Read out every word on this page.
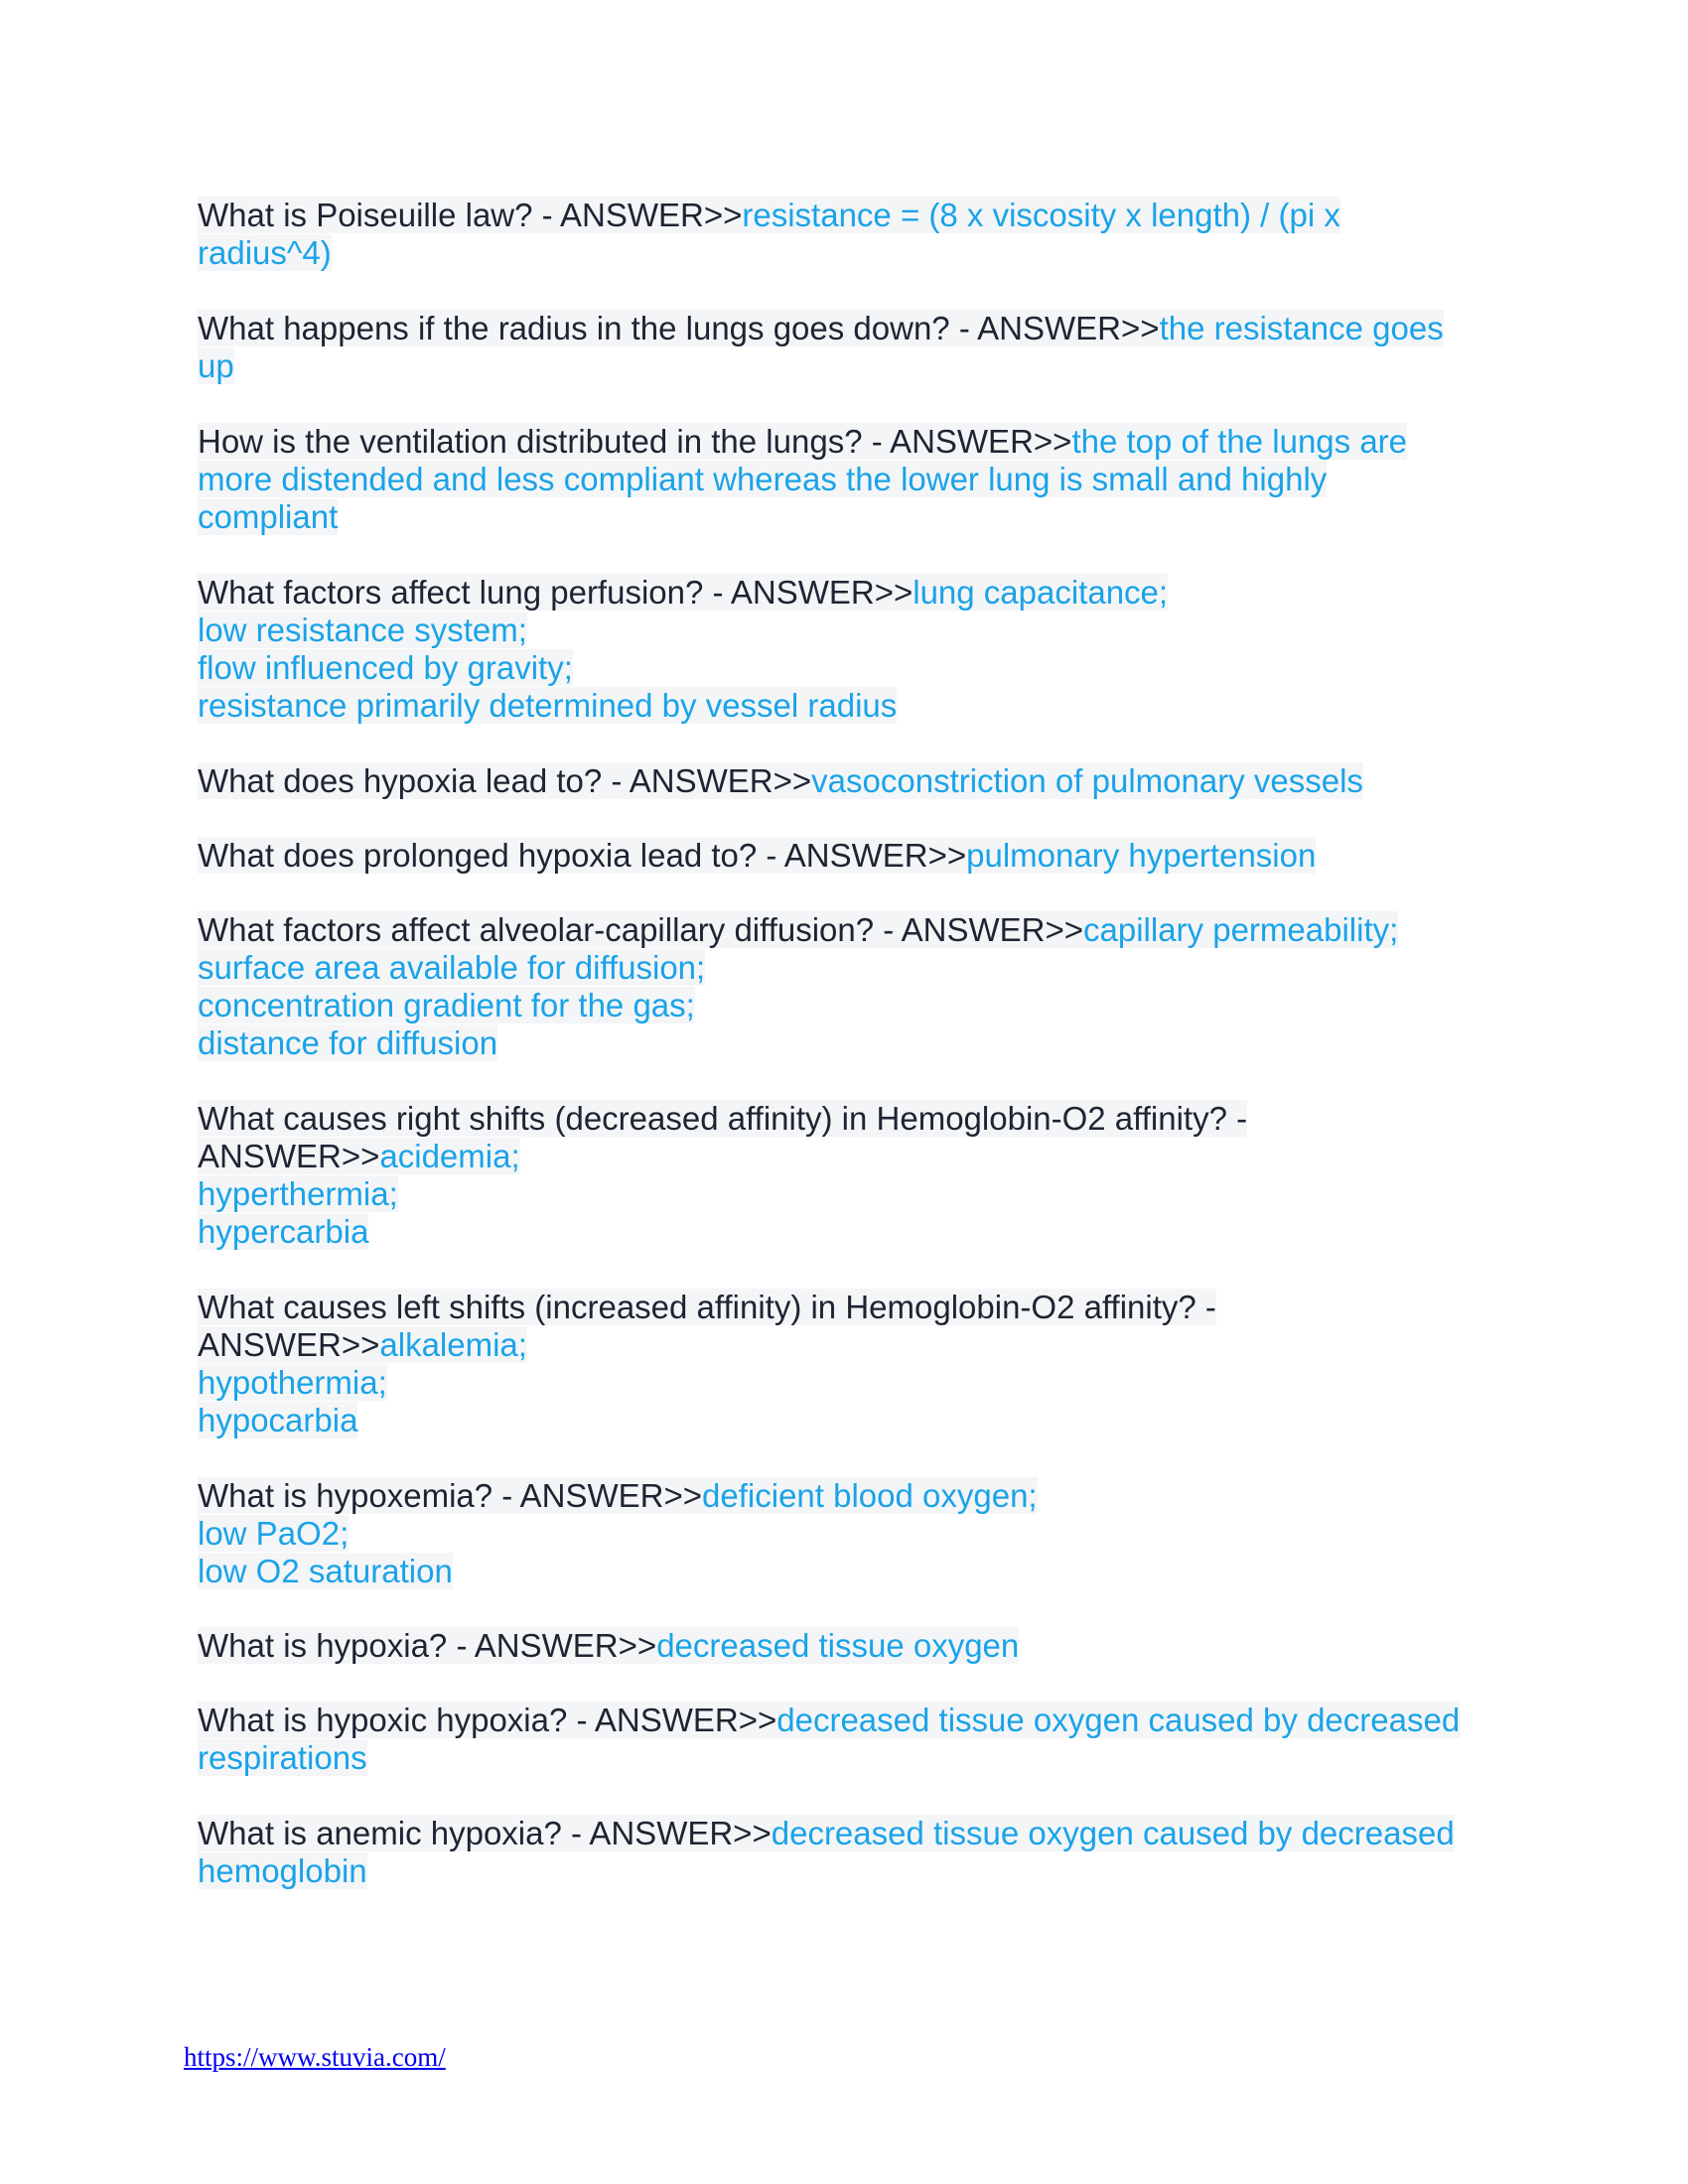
What is Poiseuille law? - ANSWER>>resistance = (8 x viscosity x length) / (pi x
radius^4)
What happens if the radius in the lungs goes down? - ANSWER>>the resistance goes
up
How is the ventilation distributed in the lungs? - ANSWER>>the top of the lungs are
more distended and less compliant whereas the lower lung is small and highly
compliant
What factors affect lung perfusion? - ANSWER>>lung capacitance;
low resistance system;
flow influenced by gravity;
resistance primarily determined by vessel radius
What does hypoxia lead to? - ANSWER>>vasoconstriction of pulmonary vessels
What does prolonged hypoxia lead to? - ANSWER>>pulmonary hypertension
What factors affect alveolar-capillary diffusion? - ANSWER>>capillary permeability;
surface area available for diffusion;
concentration gradient for the gas;
distance for diffusion
What causes right shifts (decreased affinity) in Hemoglobin-O2 affinity? -
ANSWER>>acidemia;
hyperthermia;
hypercarbia
What causes left shifts (increased affinity) in Hemoglobin-O2 affinity? -
ANSWER>>alkalemia;
hypothermia;
hypocarbia
What is hypoxemia? - ANSWER>>deficient blood oxygen;
low PaO2;
low O2 saturation
What is hypoxia? - ANSWER>>decreased tissue oxygen
What is hypoxic hypoxia? - ANSWER>>decreased tissue oxygen caused by decreased
respirations
What is anemic hypoxia? - ANSWER>>decreased tissue oxygen caused by decreased
hemoglobin
https://www.stuvia.com/
